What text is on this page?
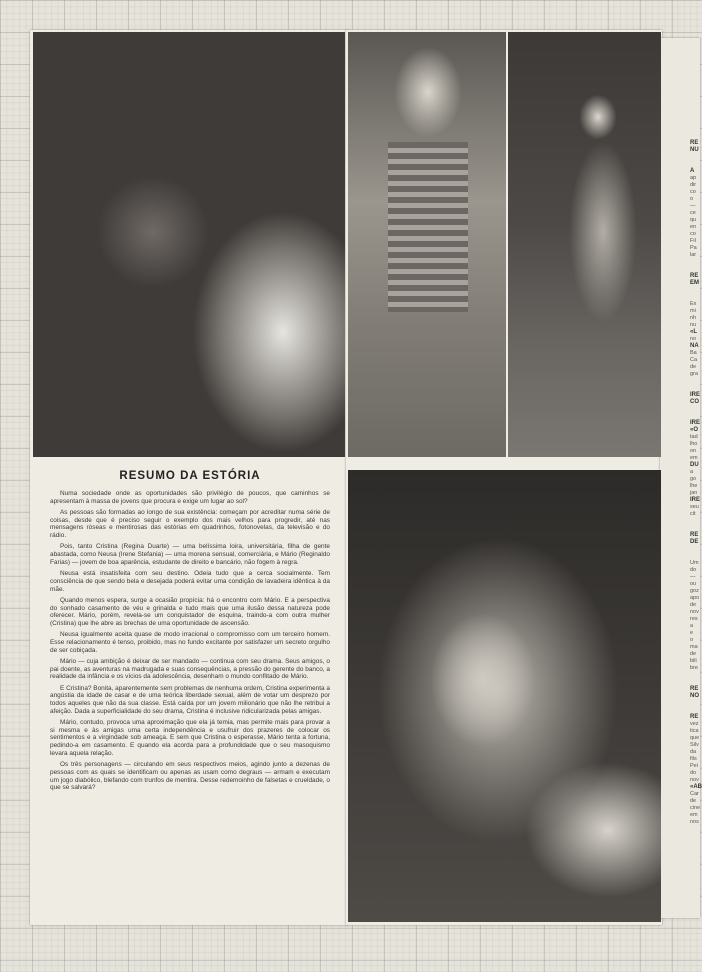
RESUMO DA ESTÓRIA

Numa sociedade onde as oportunidades são privilégio de poucos, que caminhos se apresentam à massa de jovens que procura e exige um lugar ao sol?

As pessoas são formadas ao longo de sua existência: começam por acreditar numa série de coisas, desde que é preciso seguir o exemplo dos mais velhos para progredir, até nas mensagens róseas e mentirosas das estórias em quadrinhos, fotonovelas, da televisão e do rádio.

Pois, tanto Cristina (Regina Duarte) — uma belíssima loira, universitária, filha de gente abastada, como Neusa (Irene Stefania) — uma morena sensual, comerciária, e Mário (Reginaldo Farias) — jovem de boa aparência, estudante de direito e bancário, não fogem à regra.

Neusa está insatisfeita com seu destino. Odeia tudo que a cerca socialmente. Tem consciência de que sendo bela e desejada poderá evitar uma condição de lavadeira idêntica à da mãe.

Quando menos espera, surge a ocasião propícia: há o encontro com Mário. E a perspectiva do sonhado casamento de véu e grinalda e tudo mais que uma ilusão dessa natureza pode oferecer. Mário, porém, revela-se um conquistador de esquina, traindo-a com outra mulher (Cristina) que lhe abre as brechas de uma oportunidade de ascensão.

Neusa igualmente aceita quase de modo irracional o compromisso com um terceiro homem. Esse relacionamento é tenso, proibido, mas no fundo excitante por satisfazer um secreto orgulho de ser cobiçada.

Mário — cuja ambição é deixar de ser mandado — continua com seu drama. Seus amigos, o pai doente, as aventuras na madrugada e suas consequências, a pressão do gerente do banco, a realidade da infância e os vícios da adolescência, desenham o mundo conflitado de Mário.

E Cristina? Bonita, aparentemente sem problemas de nenhuma ordem, Cristina experimenta a angústia da idade de casar e de uma teórica liberdade sexual, além de votar um desprezo por todos aqueles que não da sua classe. Está caída por um jovem milionário que não lhe retribui a afeição. Dada a superficialidade do seu drama, Cristina é inclusive ridicularizada pelas amigas.

Mário, contudo, provoca uma aproximação que ela já temia, mas permite mais para provar a si mesma e às amigas uma certa independência e usufruir dos prazeres de colocar os sentimentos e a virgindade sob ameaça. E sem que Cristina o esperasse, Mário tenta a fortuna, pedindo-a em casamento. E quando ela acorda para a profundidade que o seu masoquismo levara aquela relação.

Os três personagens — circulando em seus respectivos meios, agindo junto a dezenas de pessoas com as quais se identificam ou apenas as usam como degraus — armam e executam um jogo diabólico, blefando com trunfos de mentira. Desse redemoinho de falsetas e crueldade, o que se salvará?

RE
NU
A
ap
dir
co
o
—
ce
qu
en
co
Fil
Pa
lar
RE
EM
Ex
mi
nh
nu
«L
no
NA
Ba
Ca
de
gra
IRE
CO
IRE
«O
tad
lho
on
em
DU
a
go
lhe
jan
IRE
seu
cit
RE
DE
Um
do
—
ou
goz
apo
de
nov
res
a
e
o
ma
de
bili
bre
RE
NO
RE
vez
tica
que
Silv
da
fils
Pei
do
nov
«AB
Car
de
cine
em
nos
